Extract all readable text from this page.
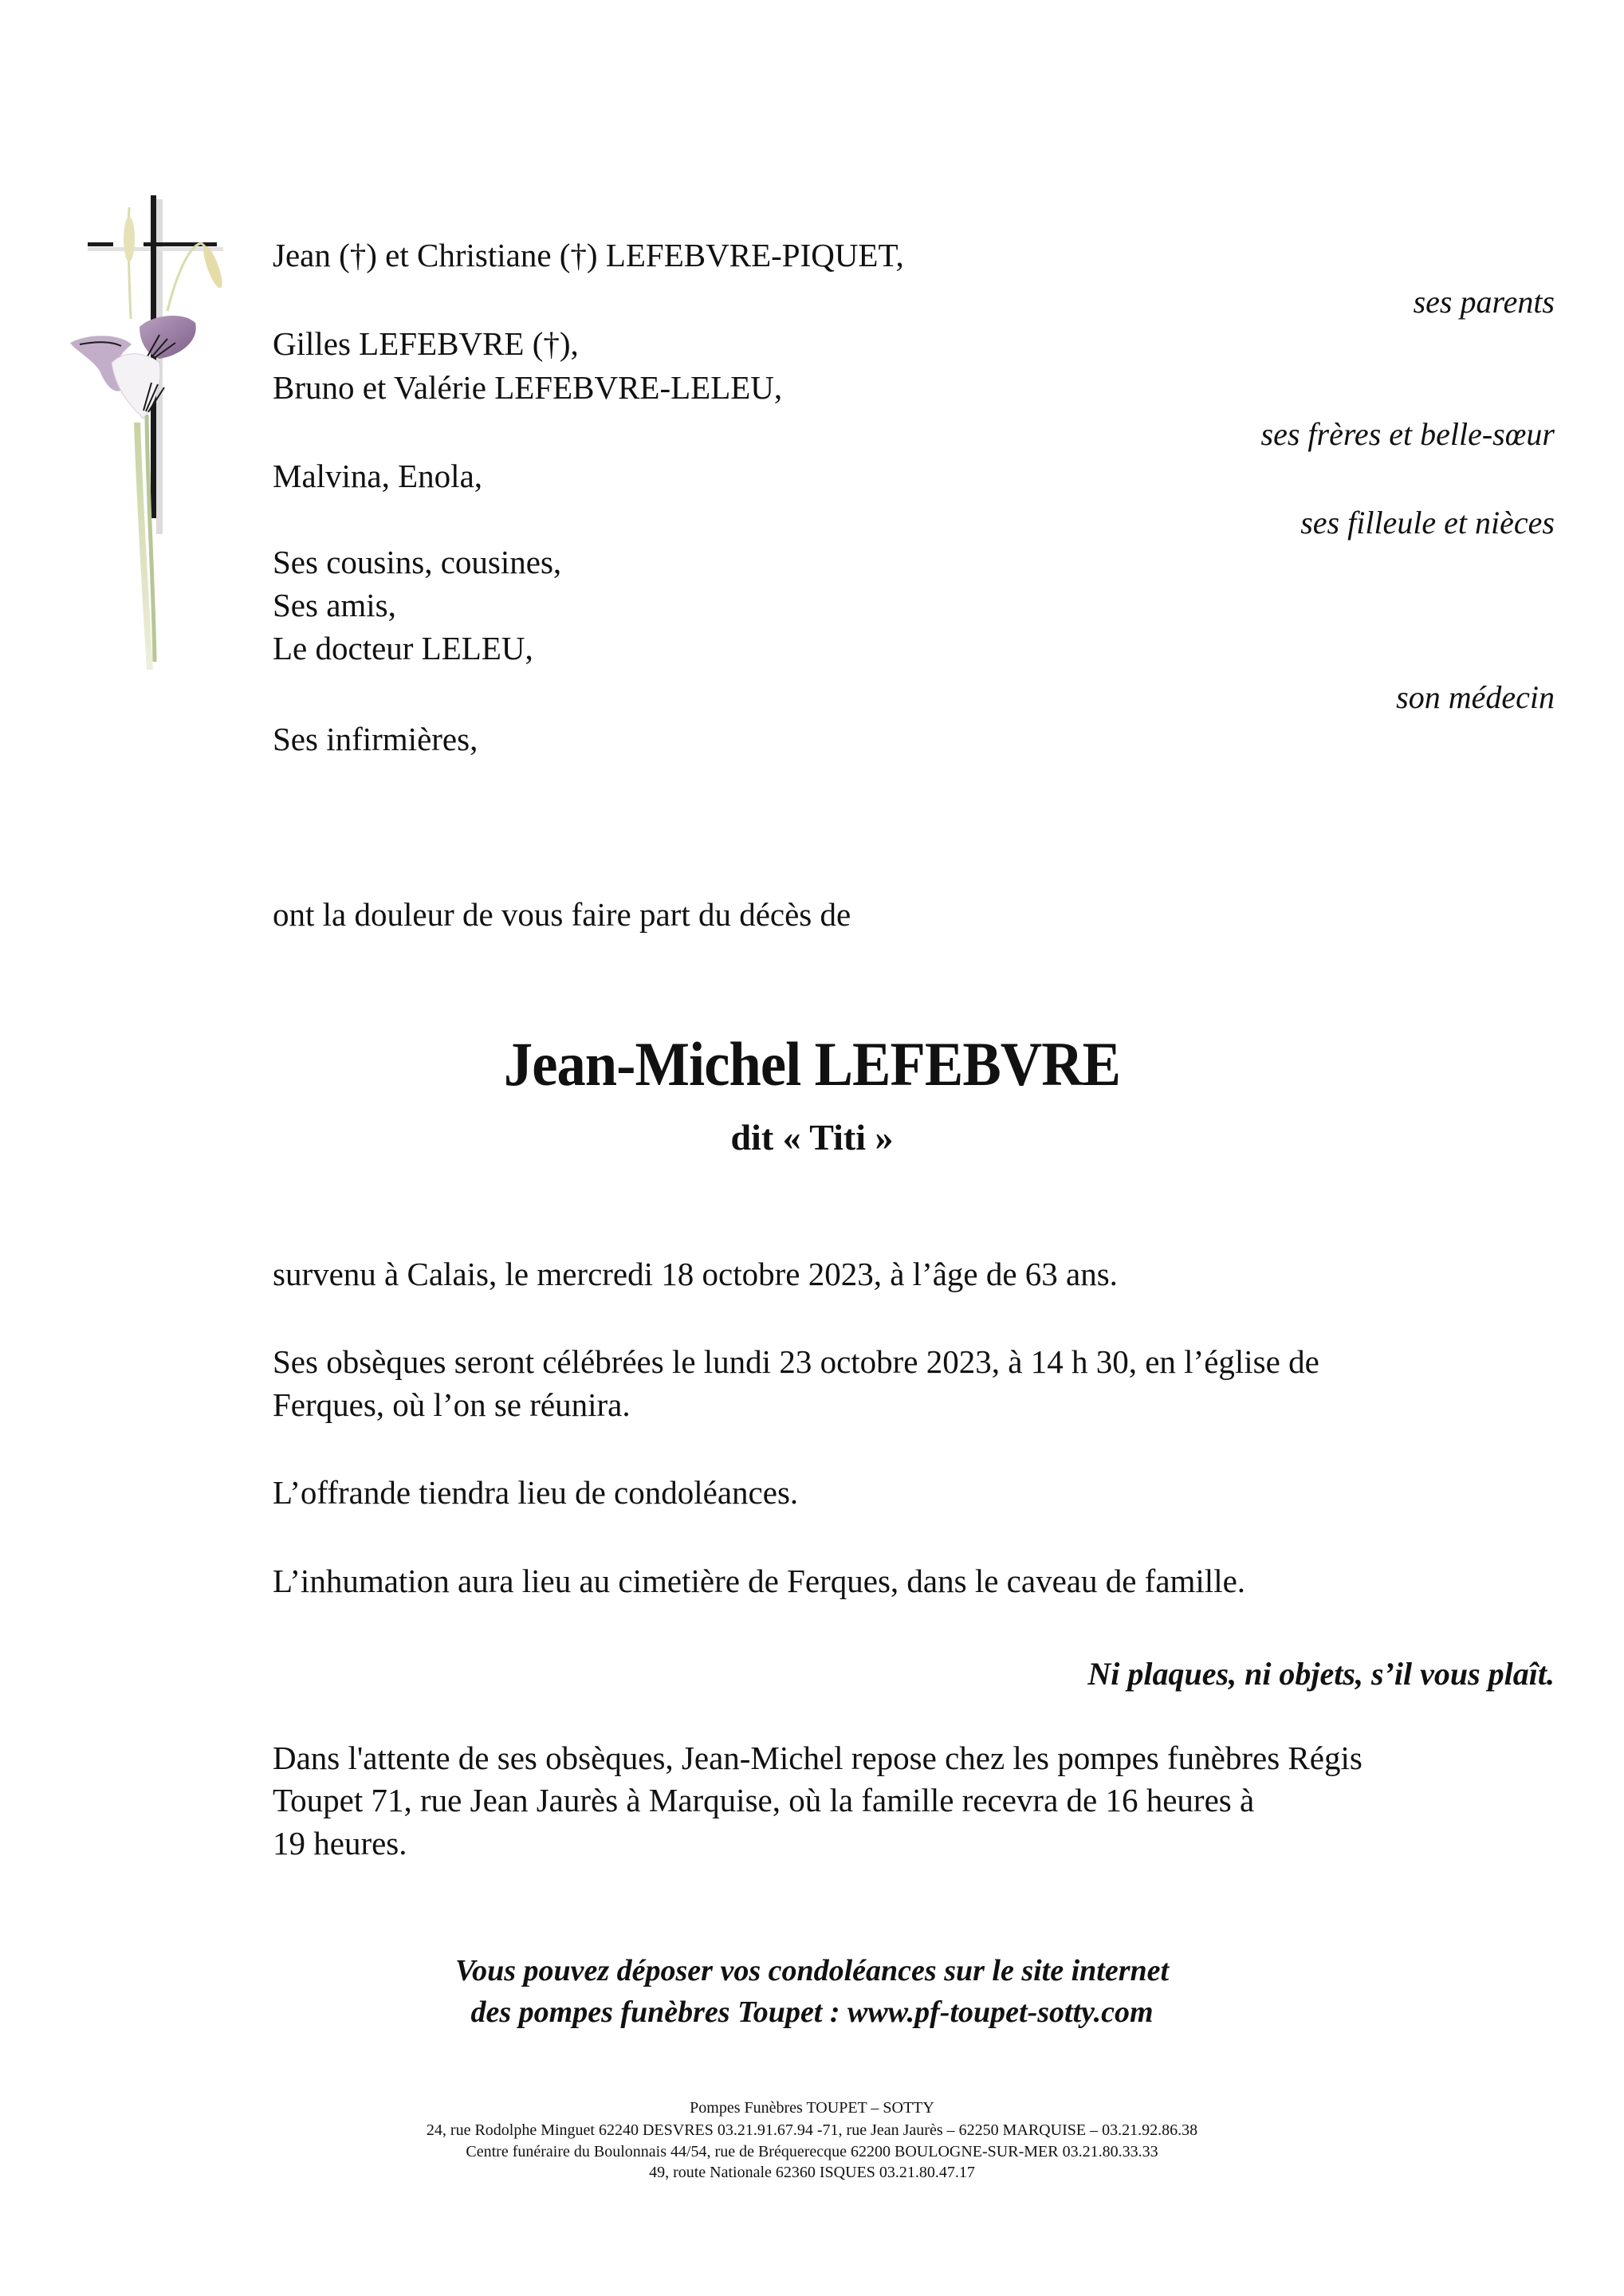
Jean (†) et Christiane (†) LEFEBVRE-PIQUET,
Gilles LEFEBVRE (†),
Bruno et Valérie LEFEBVRE-LELEU,
Malvina, Enola,
Ses cousins, cousines,
Ses amis,
Le docteur LELEU,
Ses infirmières,
ses parents
ses frères et belle-sœur
ses filleule et nièces
son médecin
ont la douleur de vous faire part du décès de
Jean-Michel LEFEBVRE
dit « Titi »
survenu à Calais, le mercredi 18 octobre 2023, à l’âge de 63 ans.
Ses obsèques seront célébrées le lundi 23 octobre 2023, à 14 h 30, en l’église de
Ferques, où l’on se réunira.
L’offrande tiendra lieu de condoléances.
L’inhumation aura lieu au cimetière de Ferques, dans le caveau de famille.
Ni plaques, ni objets, s’il vous plaît.
Dans l'attente de ses obsèques, Jean-Michel repose chez les pompes funèbres Régis
Toupet 71, rue Jean Jaurès à Marquise, où la famille recevra de 16 heures à
19 heures.
Vous pouvez déposer vos condoléances sur le site internet
des pompes funèbres Toupet : www.pf-toupet-sotty.com
Pompes Funèbres TOUPET – SOTTY
24, rue Rodolphe Minguet 62240 DESVRES 03.21.91.67.94 -71, rue Jean Jaurès – 62250 MARQUISE – 03.21.92.86.38
Centre funéraire du Boulonnais 44/54, rue de Bréquerecque 62200 BOULOGNE-SUR-MER 03.21.80.33.33
49, route Nationale 62360 ISQUES 03.21.80.47.17
